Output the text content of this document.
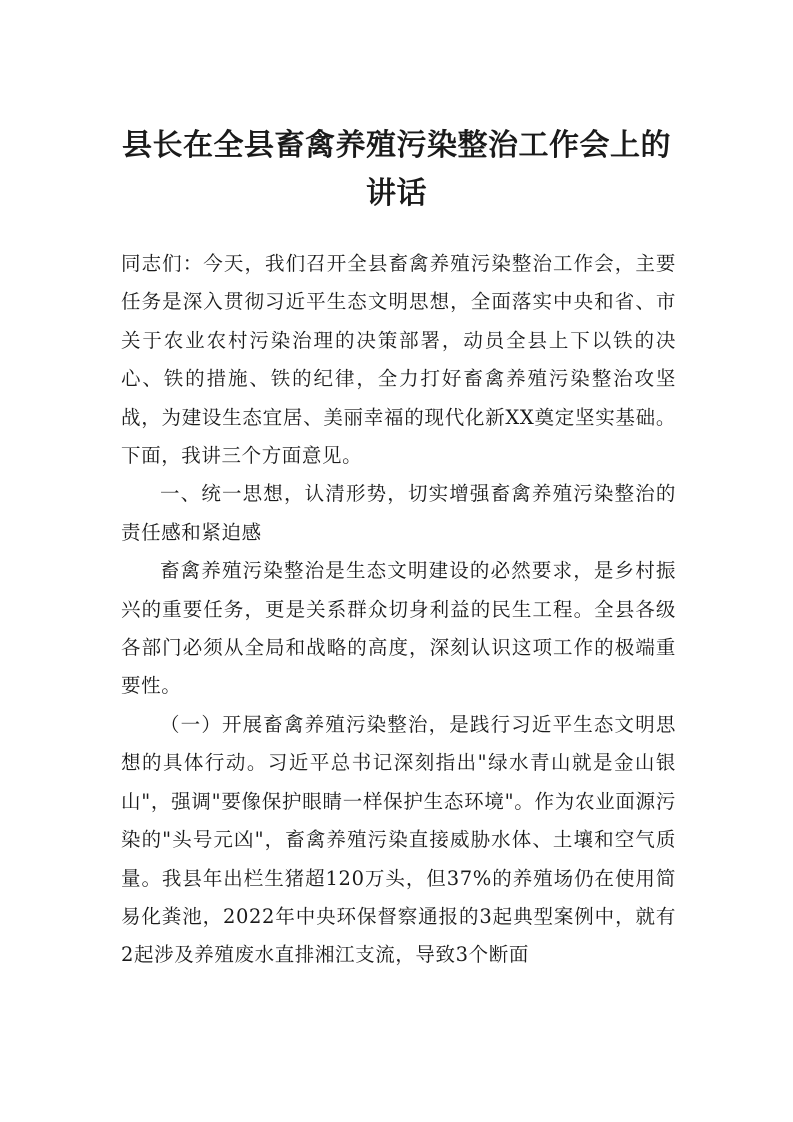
县长在全县畜禽养殖污染整治工作会上的
讲话

同志们：今天，我们召开全县畜禽养殖污染整治工作会，主要任务是深入贯彻习近平生态文明思想，全面落实中央和省、市关于农业农村污染治理的决策部署，动员全县上下以铁的决心、铁的措施、铁的纪律，全力打好畜禽养殖污染整治攻坚战，为建设生态宜居、美丽幸福的现代化新XX奠定坚实基础。下面，我讲三个方面意见。

一、统一思想，认清形势，切实增强畜禽养殖污染整治的责任感和紧迫感

畜禽养殖污染整治是生态文明建设的必然要求，是乡村振兴的重要任务，更是关系群众切身利益的民生工程。全县各级各部门必须从全局和战略的高度，深刻认识这项工作的极端重要性。

（一）开展畜禽养殖污染整治，是践行习近平生态文明思想的具体行动。习近平总书记深刻指出"绿水青山就是金山银山"，强调"要像保护眼睛一样保护生态环境"。作为农业面源污染的"头号元凶"，畜禽养殖污染直接威胁水体、土壤和空气质量。我县年出栏生猪超120万头，但37%的养殖场仍在使用简易化粪池，2022年中央环保督察通报的3起典型案例中，就有2起涉及养殖废水直排湘江支流，导致3个断面
